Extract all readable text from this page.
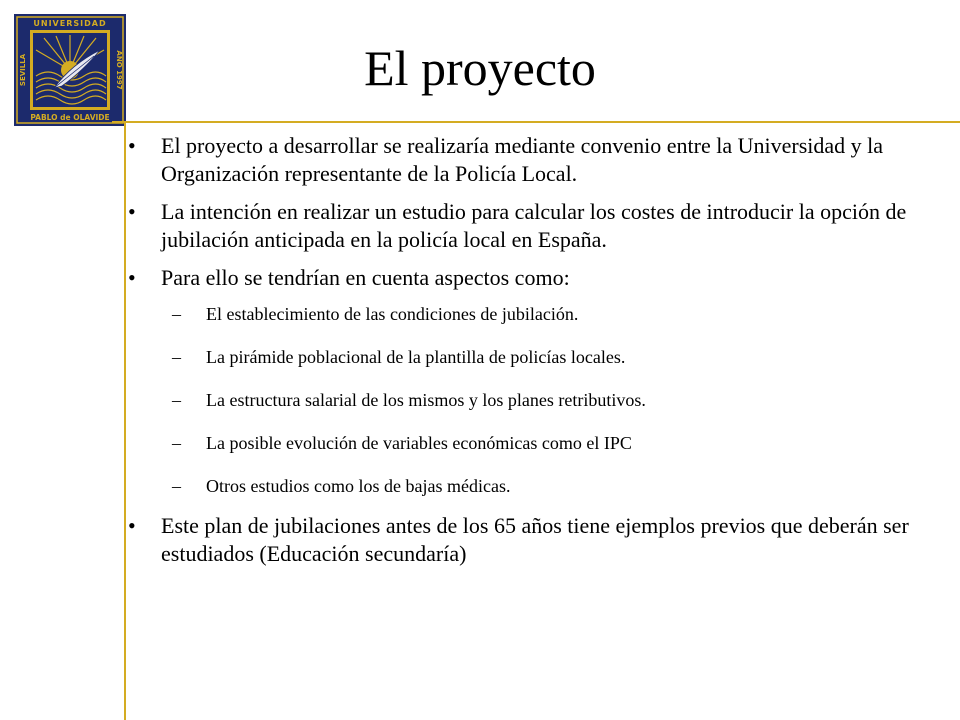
UNIVERSIDAD
PABLO de OLAVIDE
SEVILLA	AÑO 1997	El proyecto
• El proyecto a desarrollar se realizaría mediante convenio entre la Universidad y la Organización representante de la Policía Local.
• La intención en realizar un estudio para calcular los costes de introducir la opción de jubilación anticipada en la policía local en España.
• Para ello se tendrían en cuenta aspectos como:
– El establecimiento de las condiciones de jubilación.
– La pirámide poblacional de la plantilla de policías locales.
– La estructura salarial de los mismos y los planes retributivos.
– La posible evolución de variables económicas como el IPC
– Otros estudios como los de bajas médicas.
• Este plan de jubilaciones antes de los 65 años tiene ejemplos previos que deberán ser estudiados (Educación secundaría)
